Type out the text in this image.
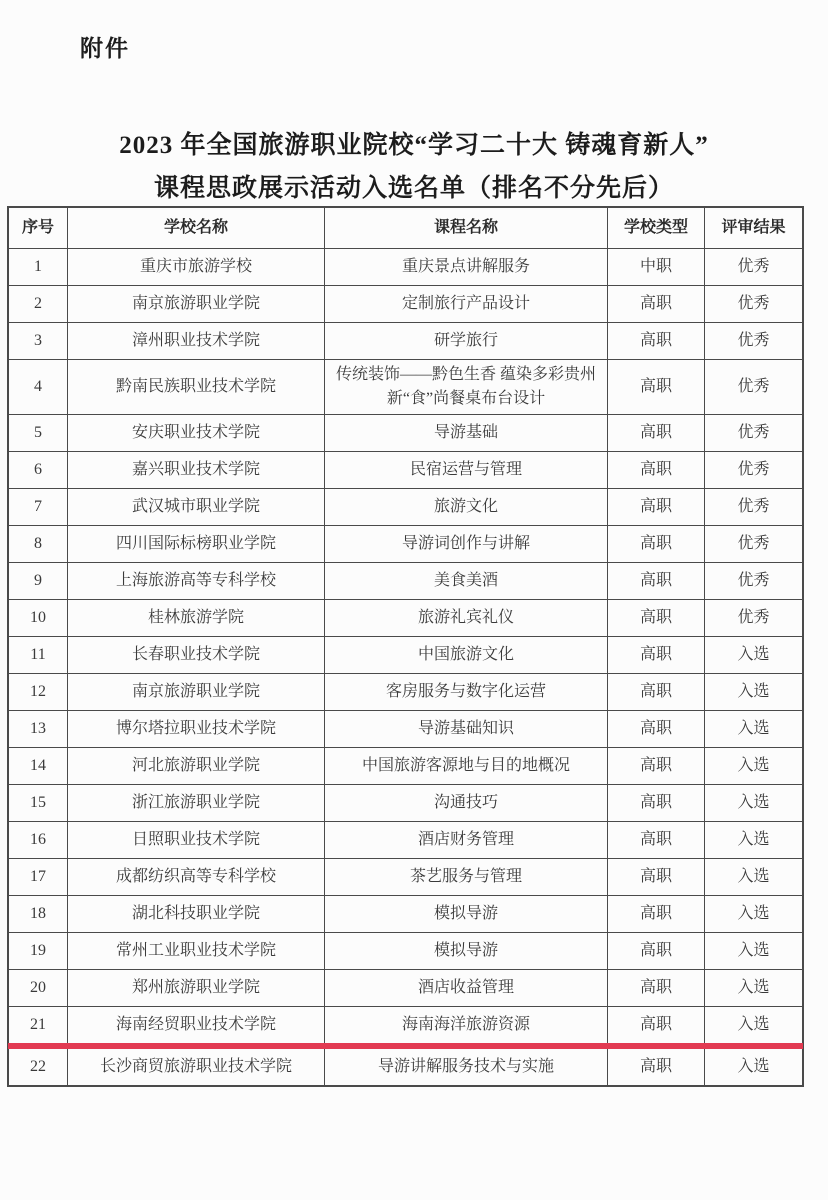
附件
2023 年全国旅游职业院校“学习二十大 铸魂育新人”
课程思政展示活动入选名单（排名不分先后）
序号	学校名称	课程名称	学校类型	评审结果
1	重庆市旅游学校	重庆景点讲解服务	中职	优秀
2	南京旅游职业学院	定制旅行产品设计	高职	优秀
3	漳州职业技术学院	研学旅行	高职	优秀
4	黔南民族职业技术学院	传统装饰——黔色生香 蕴染多彩贵州新“食”尚餐桌布台设计	高职	优秀
5	安庆职业技术学院	导游基础	高职	优秀
6	嘉兴职业技术学院	民宿运营与管理	高职	优秀
7	武汉城市职业学院	旅游文化	高职	优秀
8	四川国际标榜职业学院	导游词创作与讲解	高职	优秀
9	上海旅游高等专科学校	美食美酒	高职	优秀
10	桂林旅游学院	旅游礼宾礼仪	高职	优秀
11	长春职业技术学院	中国旅游文化	高职	入选
12	南京旅游职业学院	客房服务与数字化运营	高职	入选
13	博尔塔拉职业技术学院	导游基础知识	高职	入选
14	河北旅游职业学院	中国旅游客源地与目的地概况	高职	入选
15	浙江旅游职业学院	沟通技巧	高职	入选
16	日照职业技术学院	酒店财务管理	高职	入选
17	成都纺织高等专科学校	茶艺服务与管理	高职	入选
18	湖北科技职业学院	模拟导游	高职	入选
19	常州工业职业技术学院	模拟导游	高职	入选
20	郑州旅游职业学院	酒店收益管理	高职	入选
21	海南经贸职业技术学院	海南海洋旅游资源	高职	入选
22	长沙商贸旅游职业技术学院	导游讲解服务技术与实施	高职	入选
